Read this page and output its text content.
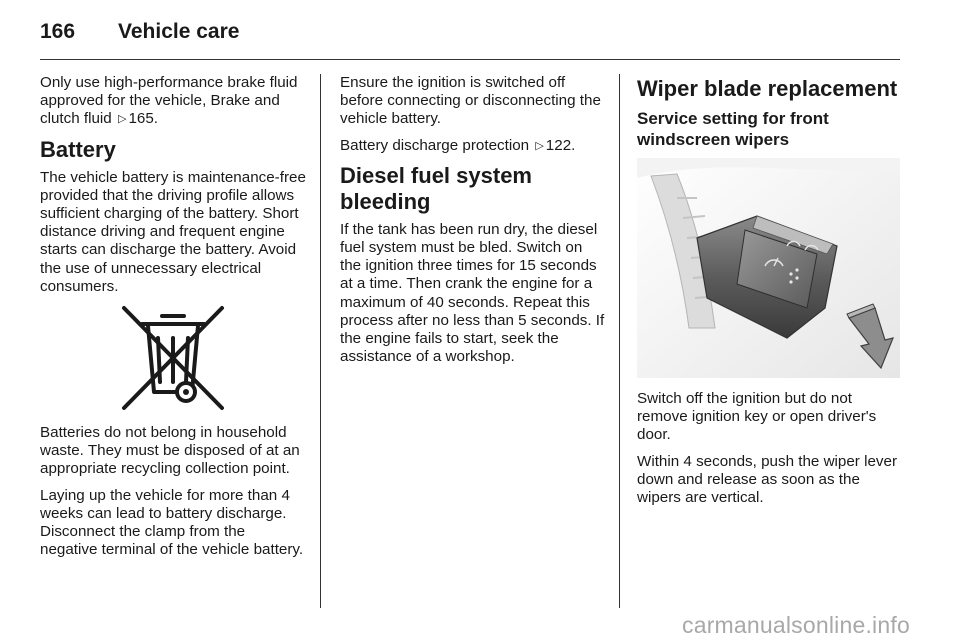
166 Vehicle care

Only use high-performance brake fluid approved for the vehicle, Brake and clutch fluid ▷ 165.

Battery

The vehicle battery is maintenance-free provided that the driving profile allows sufficient charging of the battery. Short distance driving and frequent engine starts can discharge the battery. Avoid the use of unnecessary electrical consumers.

Batteries do not belong in household waste. They must be disposed of at an appropriate recycling collection point.

Laying up the vehicle for more than 4 weeks can lead to battery discharge. Disconnect the clamp from the negative terminal of the vehicle battery.

Ensure the ignition is switched off before connecting or disconnecting the vehicle battery.

Battery discharge protection ▷ 122.

Diesel fuel system bleeding

If the tank has been run dry, the diesel fuel system must be bled. Switch on the ignition three times for 15 seconds at a time. Then crank the engine for a maximum of 40 seconds. Repeat this process after no less than 5 seconds. If the engine fails to start, seek the assistance of a workshop.

Wiper blade replacement
Service setting for front windscreen wipers

Switch off the ignition but do not remove ignition key or open driver's door.

Within 4 seconds, push the wiper lever down and release as soon as the wipers are vertical.

carmanualsonline.info
